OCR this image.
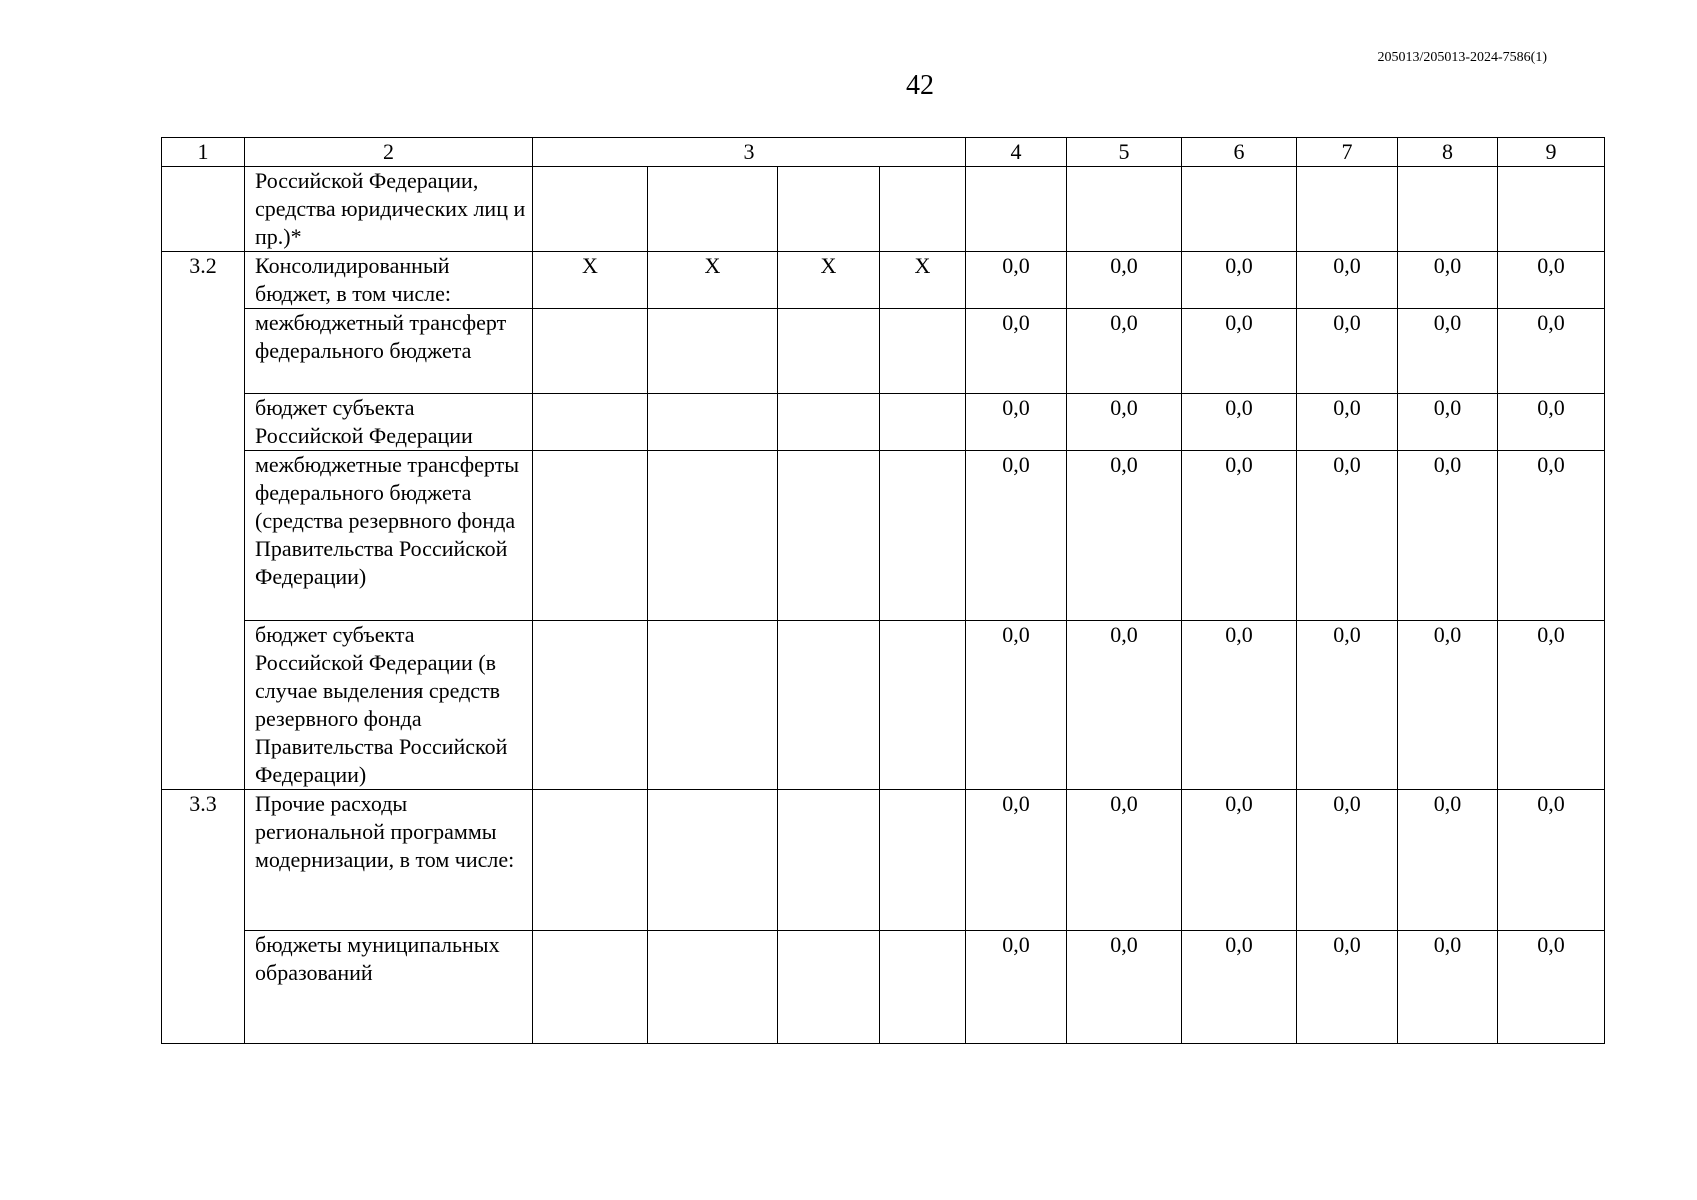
205013/205013-2024-7586(1)
42
1	2	3				4	5	6	7	8	9
	Российской Федерации, средства юридических лиц и пр.)*										
3.2	Консолидированный бюджет, в том числе:	Х	Х	Х	Х	0,0	0,0	0,0	0,0	0,0	0,0
	межбюджетный трансферт федерального бюджета					0,0	0,0	0,0	0,0	0,0	0,0
	бюджет субъекта Российской Федерации					0,0	0,0	0,0	0,0	0,0	0,0
	межбюджетные трансферты федерального бюджета (средства резервного фонда Правительства Российской Федерации)					0,0	0,0	0,0	0,0	0,0	0,0
	бюджет субъекта Российской Федерации (в случае выделения средств резервного фонда Правительства Российской Федерации)					0,0	0,0	0,0	0,0	0,0	0,0
3.3	Прочие расходы региональной программы модернизации, в том числе:					0,0	0,0	0,0	0,0	0,0	0,0
	бюджеты муниципальных образований					0,0	0,0	0,0	0,0	0,0	0,0
